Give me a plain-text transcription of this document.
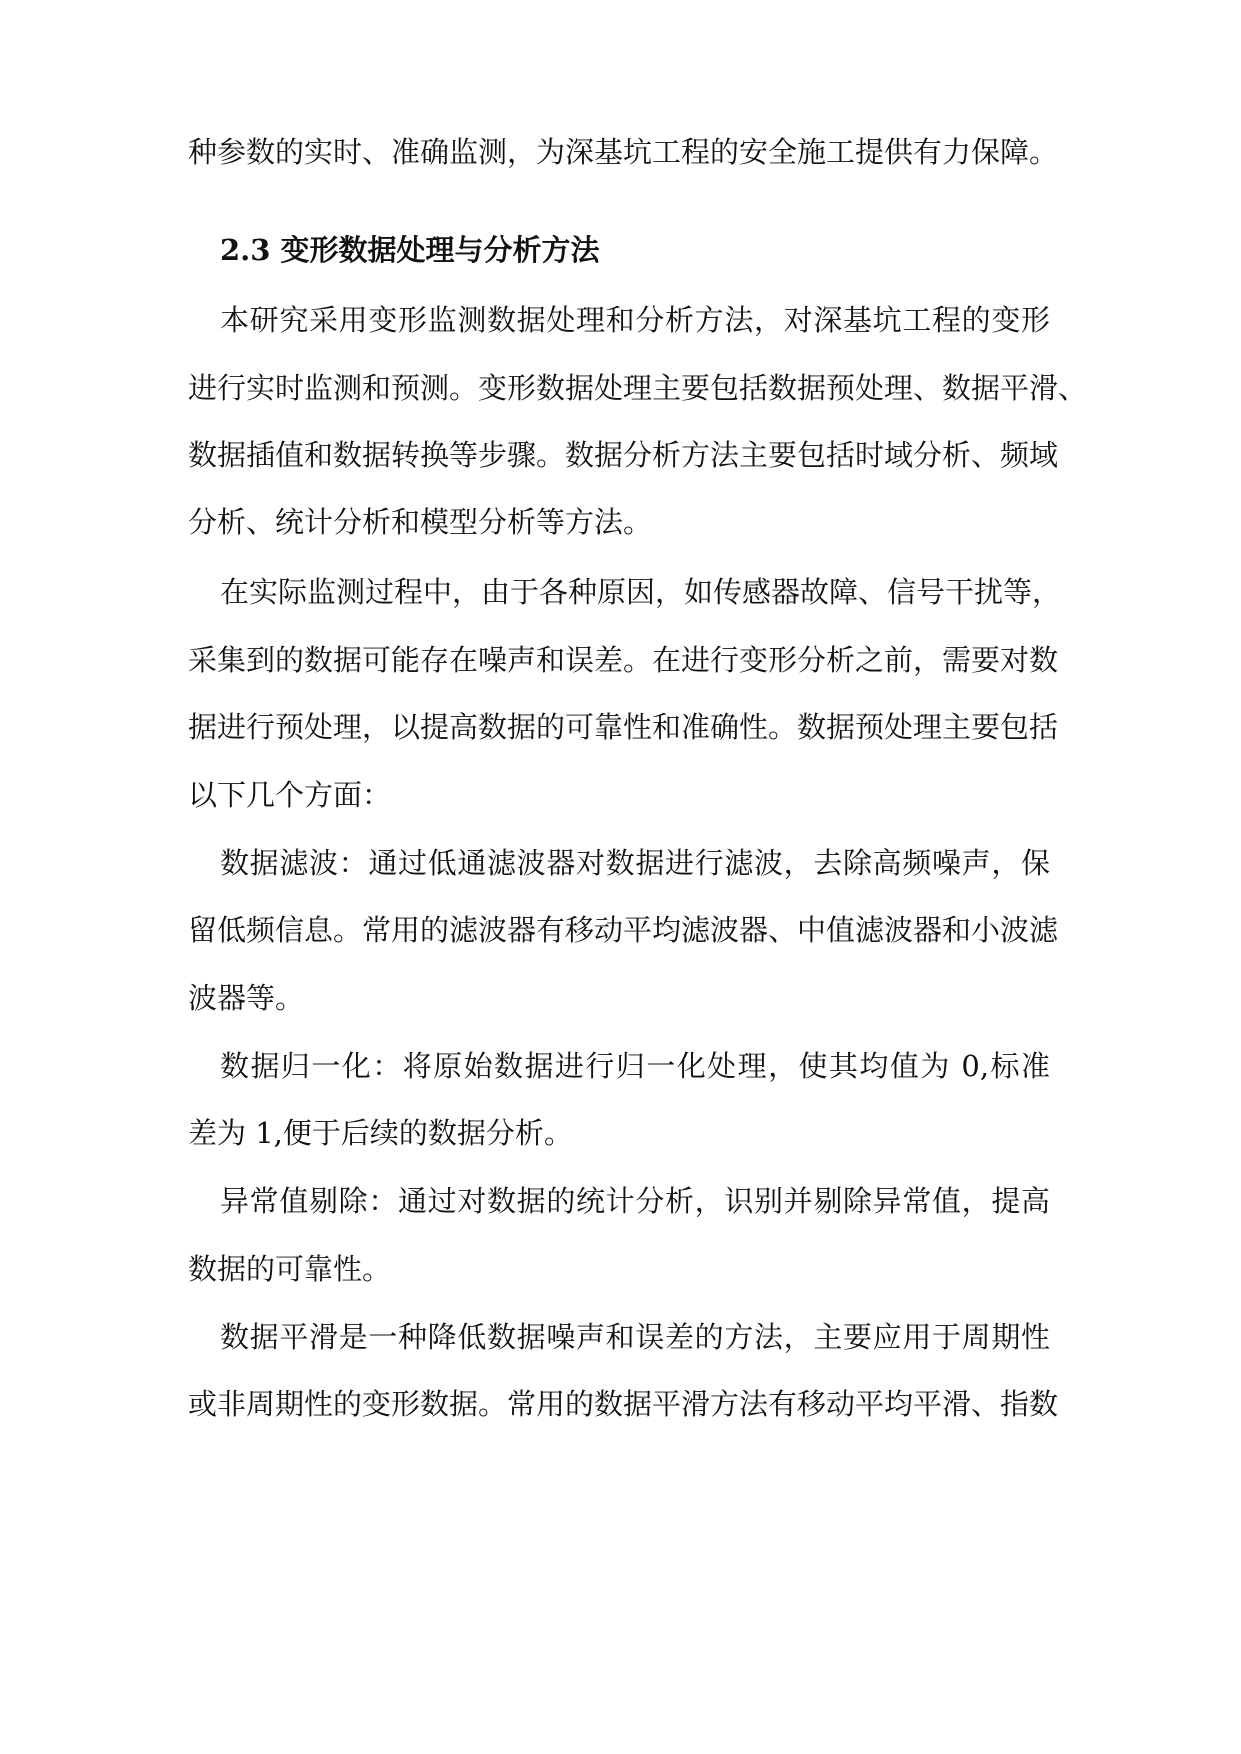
种参数的实时、准确监测，为深基坑工程的安全施工提供有力保障。
2.3 变形数据处理与分析方法
本研究采用变形监测数据处理和分析方法，对深基坑工程的变形
进行实时监测和预测。变形数据处理主要包括数据预处理、数据平滑、
数据插值和数据转换等步骤。数据分析方法主要包括时域分析、频域
分析、统计分析和模型分析等方法。
在实际监测过程中，由于各种原因，如传感器故障、信号干扰等，
采集到的数据可能存在噪声和误差。在进行变形分析之前，需要对数
据进行预处理，以提高数据的可靠性和准确性。数据预处理主要包括
以下几个方面：
数据滤波：通过低通滤波器对数据进行滤波，去除高频噪声，保
留低频信息。常用的滤波器有移动平均滤波器、中值滤波器和小波滤
波器等。
数据归一化：将原始数据进行归一化处理，使其均值为 0,标准
差为 1,便于后续的数据分析。
异常值剔除：通过对数据的统计分析，识别并剔除异常值，提高
数据的可靠性。
数据平滑是一种降低数据噪声和误差的方法，主要应用于周期性
或非周期性的变形数据。常用的数据平滑方法有移动平均平滑、指数
